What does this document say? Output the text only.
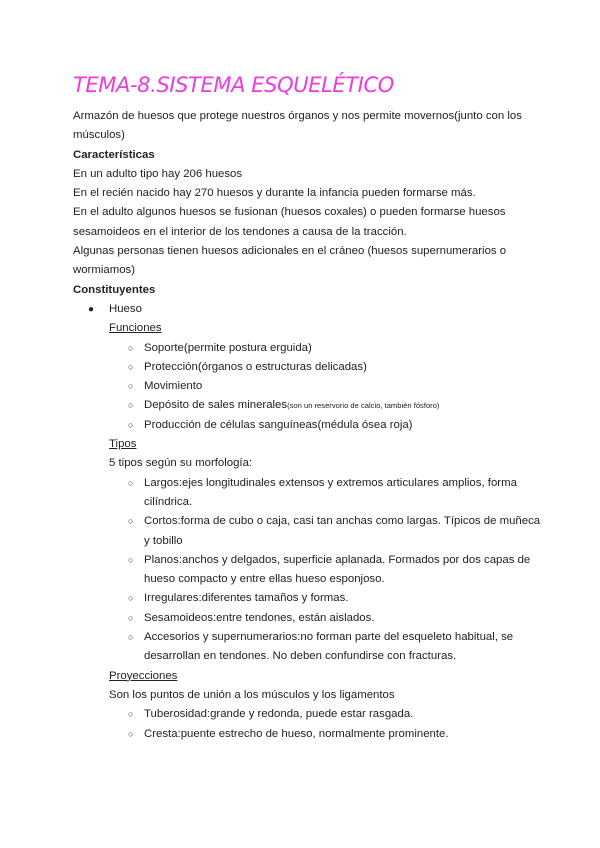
TEMA-8.SISTEMA ESQUELÉTICO

Armazón de huesos que protege nuestros órganos y nos permite movernos(junto con los músculos)

Características

En un adulto tipo hay 206 huesos

En el recién nacido hay 270 huesos y durante la infancia pueden formarse más.

En el adulto algunos huesos se fusionan (huesos coxales) o pueden formarse huesos sesamoideos en el interior de los tendones a causa de la tracción.

Algunas personas tienen huesos adicionales en el cráneo (huesos supernumerarios o wormiamos)

Constituyentes

● Hueso
Funciones
○ Soporte(permite postura erguida)
○ Protección(órganos o estructuras delicadas)
○ Movimiento
○ Depósito de sales minerales(son un reservorio de calcio, también fósforo)
○ Producción de células sanguíneas(médula ósea roja)
Tipos
5 tipos según su morfología:
○ Largos:ejes longitudinales extensos y extremos articulares amplios, forma cilíndrica.
○ Cortos:forma de cubo o caja, casi tan anchas como largas. Típicos de muñeca y tobillo
○ Planos:anchos y delgados, superficie aplanada. Formados por dos capas de hueso compacto y entre ellas hueso esponjoso.
○ Irregulares:diferentes tamaños y formas.
○ Sesamoideos:entre tendones, están aislados.
○ Accesorios y supernumerarios:no forman parte del esqueleto habitual, se desarrollan en tendones. No deben confundirse con fracturas.
Proyecciones
Son los puntos de unión a los músculos y los ligamentos
○ Tuberosidad:grande y redonda, puede estar rasgada.
○ Cresta:puente estrecho de hueso, normalmente prominente.
